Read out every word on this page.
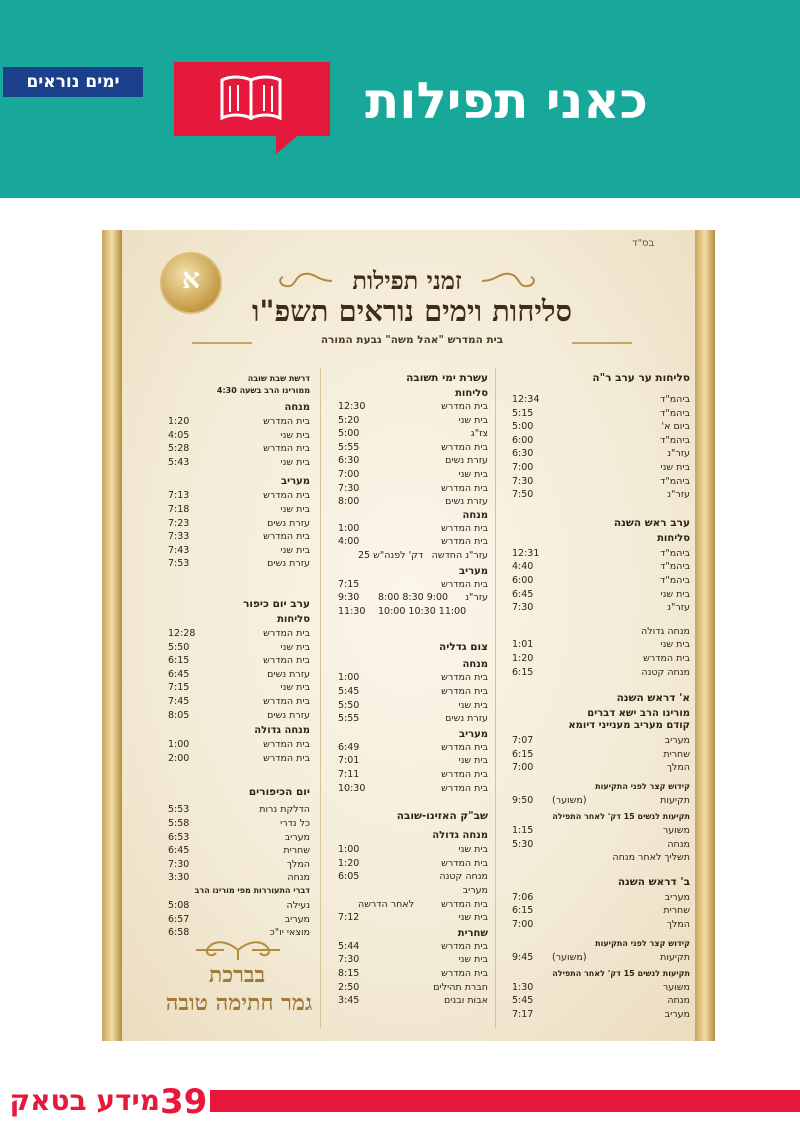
ימים נוראים	כאני תפילות
בס"ד
א	זמני תפילות
סליחות וימים נוראים תשפ"ו
בית המדרש "אהל משה" גבעת המורה
בברכת
גמר חתימה טובה
סליחות ער ערב ר"ה
ביהמ"ד
12:34
ביהמ"ד
5:15
ביום א'
5:00
ביהמ"ד
6:00
עזר"נ
6:30
בית שני
7:00
ביהמ"ד
7:30
עזר"נ
7:50
ערב ראש השנה
סליחות
ביהמ"ד
12:31
ביהמ"ד
4:40
ביהמ"ד
6:00
בית שני
6:45
עזר"נ
7:30
מנחה גדולה
בית שני
1:01
בית המדרש
1:20
מנחה קטנה
6:15
א' דראש השנה
מורינו הרב ישא דברים
קודם מעריב מענייני דיומא
מעריב
7:07
שחרית
6:15
המלך
7:00
קידוש קצר לפני התקיעות
תקיעות
(משוער)
9:50
תקיעות לנשים 15 דק' לאחר התפילה
משוער
1:15
מנחה
5:30
תשליך לאחר מנחה
ב' דראש השנה
מעריב
7:06
שחרית
6:15
המלך
7:00
קידוש קצר לפני התקיעות
תקיעות
(משוער)
9:45
תקיעות לנשים 15 דק' לאחר התפילה
משוער
1:30
מנחה
5:45
מעריב
7:17
עשרת ימי תשובה
סליחות
בית המדרש
12:30
בית שני
5:20
צז"ג
5:00
בית המדרש
5:55
עזרת נשים
6:30
בית שני
7:00
בית המדרש
7:30
עזרת נשים
8:00
מנחה
בית המדרש
1:00
בית המדרש
4:00
עזר"נ החדשה
25 דק' לפנה"ש
מעריב
בית המדרש
7:15
עזר"נ
8:00 8:30 9:00
9:30
10:00 10:30 11:00
11:30
צום גדליה
מנחה
בית המדרש
1:00
בית המדרש
5:45
בית שני
5:50
עזרת נשים
5:55
מעריב
בית המדרש
6:49
בית שני
7:01
בית המדרש
7:11
בית המדרש
10:30
שב"ק האזינו-שובה
מנחה גדולה
בית שני
1:00
בית המדרש
1:20
מנחה קטנה
6:05
מעריב
בית המדרש
לאחר הדרשה
בית שני
7:12
שחרית
בית המדרש
5:44
בית שני
7:30
בית המדרש
8:15
חברת תהילים
2:50
אבות ובנים
3:45
דרשת שבת שובה
ממורינו הרב בשעה 4:30
מנחה
בית המדרש
1:20
בית שני
4:05
בית המדרש
5:28
בית שני
5:43
מעריב
בית המדרש
7:13
בית שני
7:18
עזרת נשים
7:23
בית המדרש
7:33
בית שני
7:43
עזרת נשים
7:53
ערב יום כיפור
סליחות
בית המדרש
12:28
בית שני
5:50
בית המדרש
6:15
עזרת נשים
6:45
בית שני
7:15
בית המדרש
7:45
עזרת נשים
8:05
מנחה גדולה
בית המדרש
1:00
בית המדרש
2:00
יום הכיפורים
הדלקת נרות
5:53
כל נדרי
5:58
מעריב
6:53
שחרית
6:45
המלך
7:30
מנחה
3:30
דברי התעוררות מפי מורינו הרב
נעילה
5:08
מעריב
6:57
מוצאי יו"כ
6:58
39
מידע בטאק
